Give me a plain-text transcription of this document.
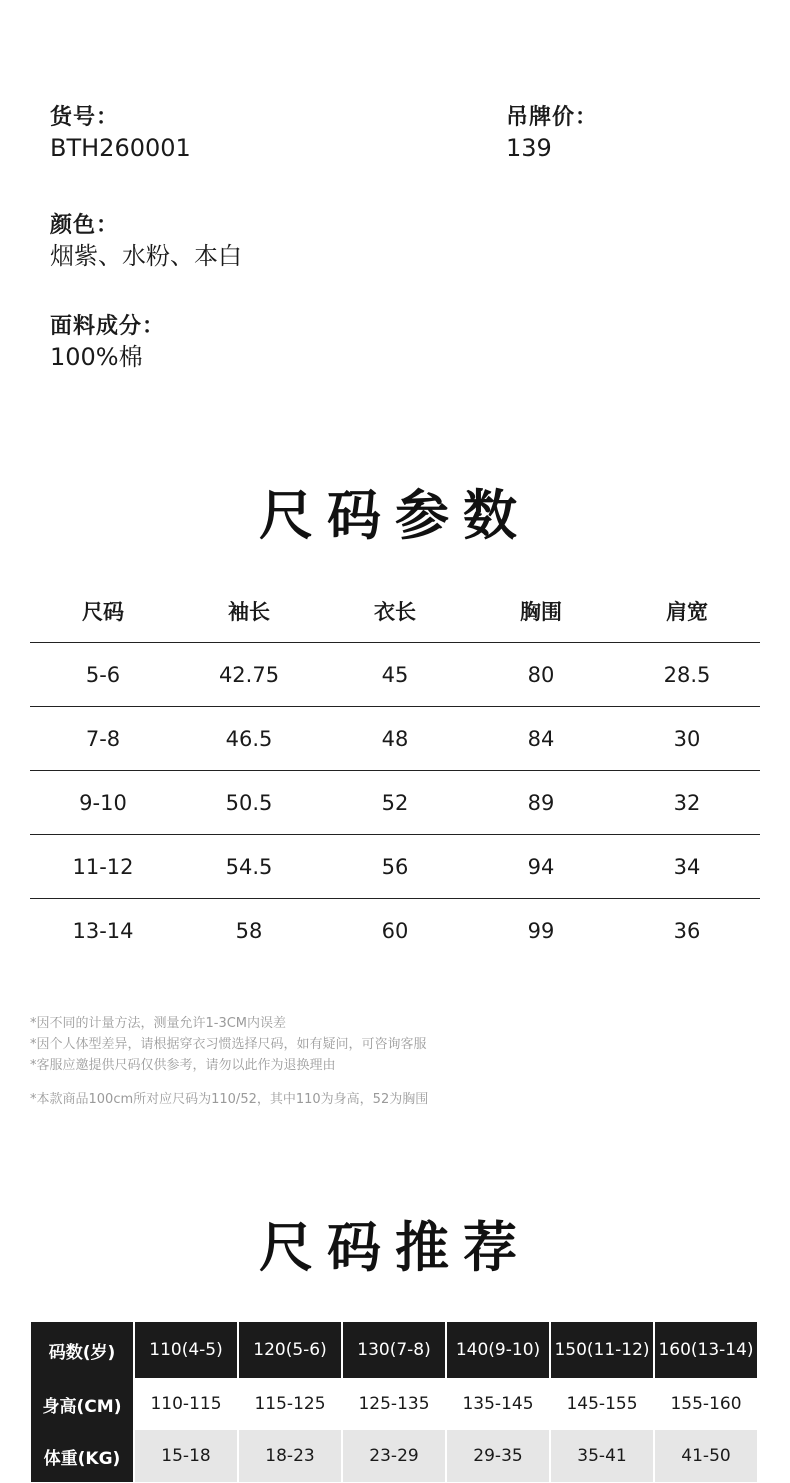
货号：
BTH260001
吊牌价：
139
颜色：
烟紫、水粉、本白
面料成分：
100%棉
尺码参数
尺码	袖长	衣长	胸围	肩宽
5-6	42.75	45	80	28.5
7-8	46.5	48	84	30
9-10	50.5	52	89	32
11-12	54.5	56	94	34
13-14	58	60	99	36
*因不同的计量方法，测量允许1-3CM内误差
*因个人体型差异，请根据穿衣习惯选择尺码，如有疑问，可咨询客服
*客服应邀提供尺码仅供参考，请勿以此作为退换理由
*本款商品100cm所对应尺码为110/52，其中110为身高，52为胸围
尺码推荐
码数(岁)	110(4-5)	120(5-6)	130(7-8)	140(9-10) 150(11-12) 160(13-14)
身高(CM)	110-115	115-125	125-135	135-145	145-155	155-160
体重(KG)	15-18	18-23	23-29	29-35	35-41	41-50
